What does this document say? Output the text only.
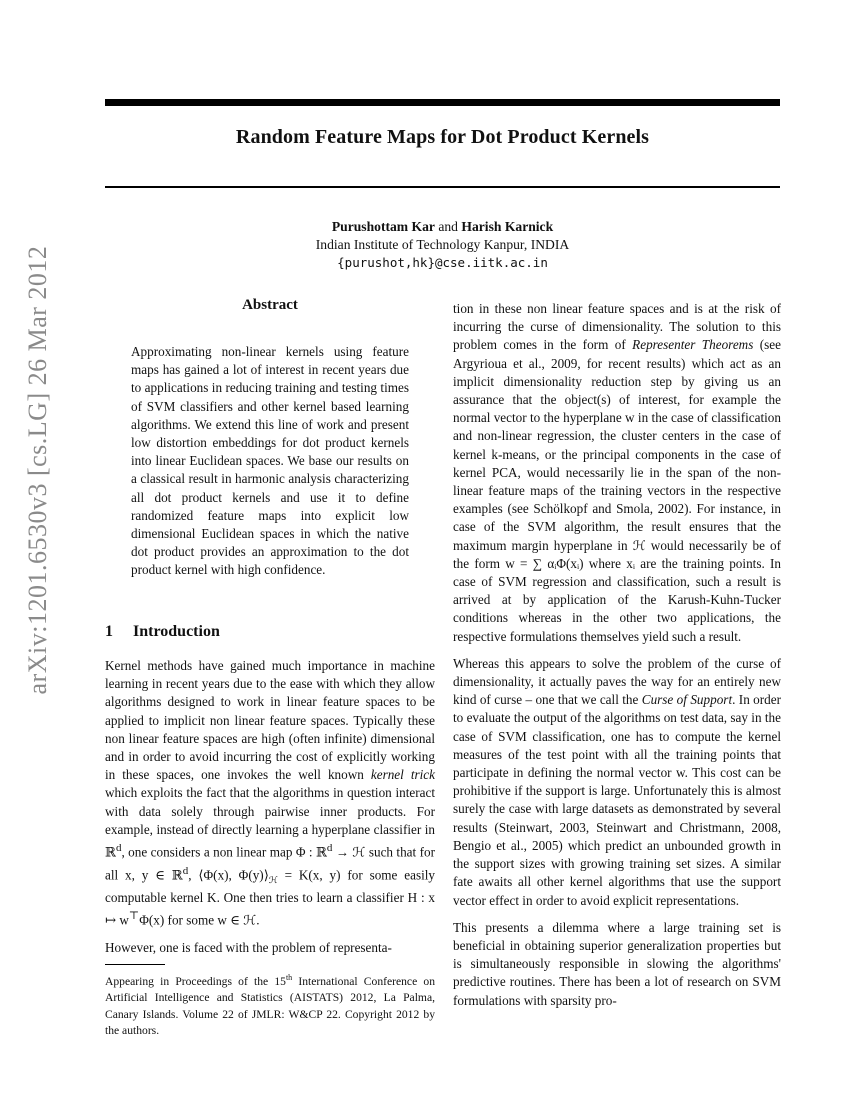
arXiv:1201.6530v3 [cs.LG] 26 Mar 2012
Random Feature Maps for Dot Product Kernels
Purushottam Kar and Harish Karnick
Indian Institute of Technology Kanpur, INDIA
{purushot,hk}@cse.iitk.ac.in
Abstract
Approximating non-linear kernels using feature maps has gained a lot of interest in recent years due to applications in reducing training and testing times of SVM classifiers and other kernel based learning algorithms. We extend this line of work and present low distortion embeddings for dot product kernels into linear Euclidean spaces. We base our results on a classical result in harmonic analysis characterizing all dot product kernels and use it to define randomized feature maps into explicit low dimensional Euclidean spaces in which the native dot product provides an approximation to the dot product kernel with high confidence.
1 Introduction

Kernel methods have gained much importance in machine learning in recent years due to the ease with which they allow algorithms designed to work in linear feature spaces to be applied to implicit non linear feature spaces. Typically these non linear feature spaces are high (often infinite) dimensional and in order to avoid incurring the cost of explicitly working in these spaces, one invokes the well known kernel trick which exploits the fact that the algorithms in question interact with data solely through pairwise inner products. For example, instead of directly learning a hyperplane classifier in ℝ$^d$, one considers a non linear map Φ : ℝ$^d$ → ℋ such that for all x, y ∈ ℝ$^d$, ⟨Φ(x), $\Phi(y)⟩_ℋ = K(x$, y) for some easily computable kernel K. One then tries to learn a classifier H : x ↦ w⊤Φ(x) for some w ∈ ℋ.

However, one is faced with the problem of representa-

Appearing in Proceedings of the 15th International Conference on Artificial Intelligence and Statistics (AISTATS) 2012, La Palma, Canary Islands. Volume 22 of JMLR: W&CP 22. Copyright 2012 by the authors.

tion in these non linear feature spaces and is at the risk of incurring the curse of dimensionality. The solution to this problem comes in the form of Representer Theorems (see Argyrioua et al., 2009, for recent results) which act as an implicit dimensionality reduction step by giving us an assurance that the object(s) of interest, for example the normal vector to the hyperplane w in the case of classification and non-linear regression, the cluster centers in the case of kernel k-means, or the principal components in the case of kernel PCA, would necessarily lie in the span of the non-linear feature maps of the training vectors in the respective examples (see Schölkopf and Smola, 2002). For instance, in case of the SVM algorithm, the result ensures that the maximum margin hyperplane in ℋ would necessarily be of the form w = ∑ αᵢΦ(xᵢ) where xᵢ are the training points. In case of SVM regression and classification, such a result is arrived at by application of the Karush-Kuhn-Tucker conditions whereas in the other two applications, the respective formulations themselves yield such a result.

Whereas this appears to solve the problem of the curse of dimensionality, it actually paves the way for an entirely new kind of curse – one that we call the Curse of Support. In order to evaluate the output of the algorithms on test data, say in the case of SVM classification, one has to compute the kernel measures of the test point with all the training points that participate in defining the normal vector w. This cost can be prohibitive if the support is large. Unfortunately this is almost surely the case with large datasets as demonstrated by several results (Steinwart, 2003, Steinwart and Christmann, 2008, Bengio et al., 2005) which predict an unbounded growth in the support sizes with growing training set sizes. A similar fate awaits all other kernel algorithms that use the support vector effect in order to avoid explicit representations.

This presents a dilemma where a large training set is beneficial in obtaining superior generalization properties but is simultaneously responsible in slowing the algorithms' predictive routines. There has been a lot of research on SVM formulations with sparsity pro-
